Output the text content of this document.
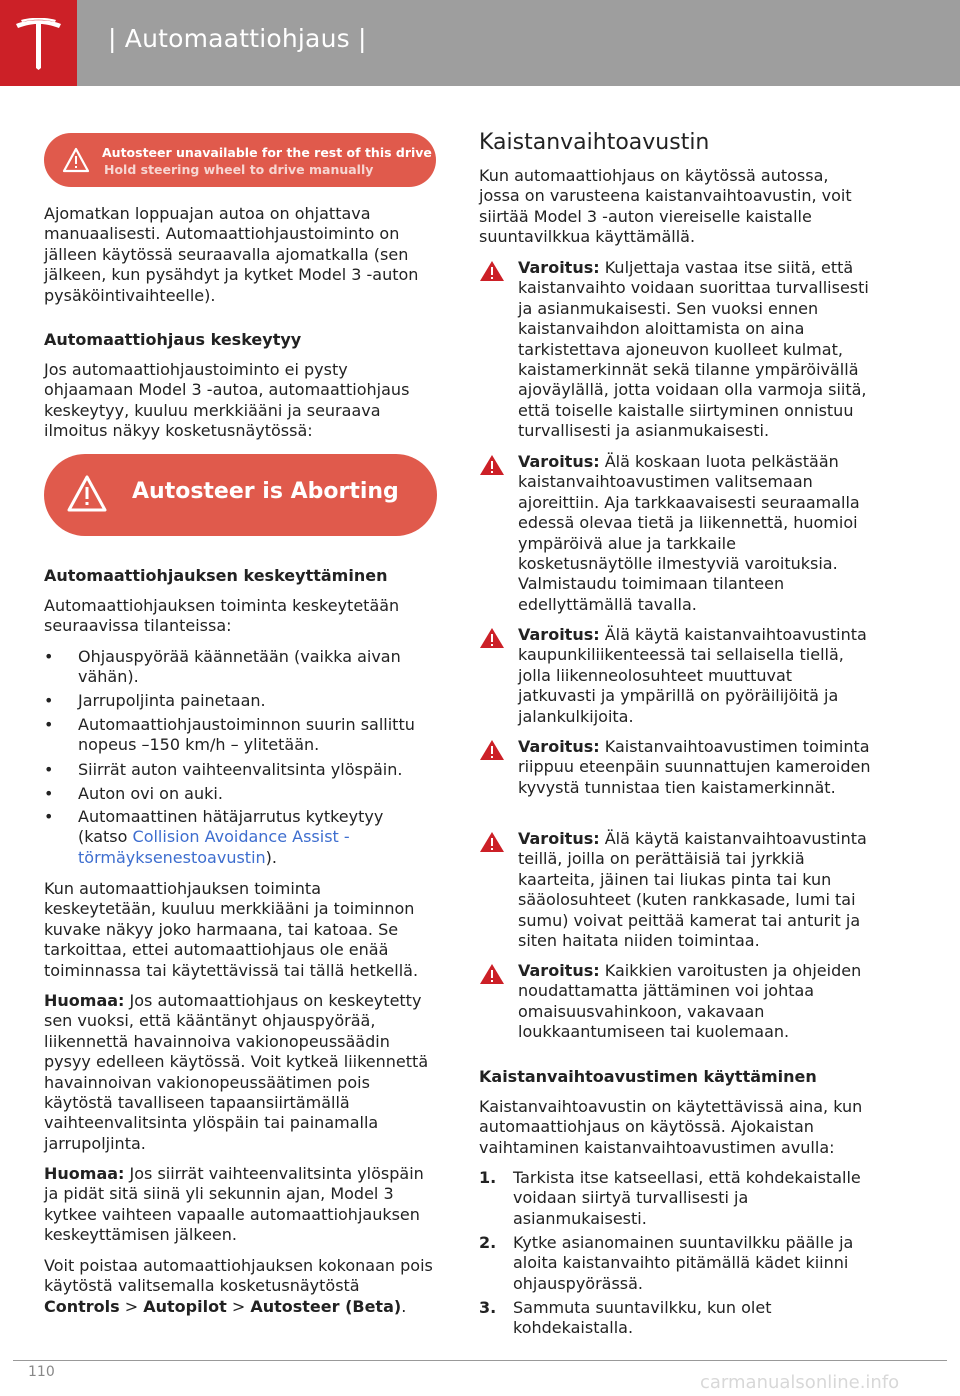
| Automaattiohjaus |
Autosteer unavailable for the rest of this drive
Hold steering wheel to drive manually

Ajomatkan loppuajan autoa on ohjattava manuaalisesti. Automaattiohjaustoiminto on jälleen käytössä seuraavalla ajomatkalla (sen jälkeen, kun pysähdyt ja kytket Model 3 -auton pysäköintivaihteelle).

Automaattiohjaus keskeytyy

Jos automaattiohjaustoiminto ei pysty ohjaamaan Model 3 -autoa, automaattiohjaus keskeytyy, kuuluu merkkiääni ja seuraava ilmoitus näkyy kosketusnäytössä:

Autosteer is Aborting
Automaattiohjauksen keskeyttäminen

Automaattiohjauksen toiminta keskeytetään seuraavissa tilanteissa:

• Ohjauspyörää käännetään (vaikka aivan vähän).
• Jarrupoljinta painetaan.
• Automaattiohjaustoiminnon suurin sallittu nopeus –150 km/h – ylitetään.
• Siirrät auton vaihteenvalitsinta ylöspäin.
• Auton ovi on auki.
• Automaattinen hätäjarrutus kytkeytyy (katso Collision Avoidance Assist - törmäyksenestoavustin).

Kun automaattiohjauksen toiminta keskeytetään, kuuluu merkkiääni ja toiminnon kuvake näkyy joko harmaana, tai katoaa. Se tarkoittaa, ettei automaattiohjaus ole enää toiminnassa tai käytettävissä tai tällä hetkellä.

Huomaa: Jos automaattiohjaus on keskeytetty sen vuoksi, että kääntänyt ohjauspyörää, liikennettä havainnoiva vakionopeussäädin pysyy edelleen käytössä. Voit kytkeä liikennettä havainnoivan vakionopeussäätimen pois käytöstä tavalliseen tapaansiirtämällä vaihteenvalitsinta ylöspäin tai painamalla jarrupoljinta.

Huomaa: Jos siirrät vaihteenvalitsinta ylöspäin ja pidät sitä siinä yli sekunnin ajan, Model 3 kytkee vaihteen vapaalle automaattiohjauksen keskeyttämisen jälkeen.

Voit poistaa automaattiohjauksen kokonaan pois käytöstä valitsemalla kosketusnäytöstä Controls > Autopilot > Autosteer (Beta).

Kaistanvaihtoavustin

Kun automaattiohjaus on käytössä autossa, jossa on varusteena kaistanvaihtoavustin, voit siirtää Model 3 -auton viereiselle kaistalle suuntavilkkua käyttämällä.

Varoitus: Kuljettaja vastaa itse siitä, että kaistanvaihto voidaan suorittaa turvallisesti ja asianmukaisesti. Sen vuoksi ennen kaistanvaihdon aloittamista on aina tarkistettava ajoneuvon kuolleet kulmat, kaistamerkinnät sekä tilanne ympäröivällä ajoväylällä, jotta voidaan olla varmoja siitä, että toiselle kaistalle siirtyminen onnistuu turvallisesti ja asianmukaisesti.
Varoitus: Älä koskaan luota pelkästään kaistanvaihtoavustimen valitsemaan ajoreittiin. Aja tarkkaavaisesti seuraamalla edessä olevaa tietä ja liikennettä, huomioi ympäröivä alue ja tarkkaile kosketusnäytölle ilmestyviä varoituksia. Valmistaudu toimimaan tilanteen edellyttämällä tavalla.
Varoitus: Älä käytä kaistanvaihtoavustinta kaupunkiliikenteessä tai sellaisella tiellä, jolla liikenneolosuhteet muuttuvat jatkuvasti ja ympärillä on pyöräilijöitä ja jalankulkijoita.
Varoitus: Kaistanvaihtoavustimen toiminta riippuu eteenpäin suunnattujen kameroiden kyvystä tunnistaa tien kaistamerkinnät.
Varoitus: Älä käytä kaistanvaihtoavustinta teillä, joilla on perättäisiä tai jyrkkiä kaarteita, jäinen tai liukas pinta tai kun sääolosuhteet (kuten rankkasade, lumi tai sumu) voivat peittää kamerat tai anturit ja siten haitata niiden toimintaa.
Varoitus: Kaikkien varoitusten ja ohjeiden noudattamatta jättäminen voi johtaa omaisuusvahinkoon, vakavaan loukkaantumiseen tai kuolemaan.
Kaistanvaihtoavustimen käyttäminen

Kaistanvaihtoavustin on käytettävissä aina, kun automaattiohjaus on käytössä. Ajokaistan vaihtaminen kaistanvaihtoavustimen avulla:

1. Tarkista itse katseellasi, että kohdekaistalle voidaan siirtyä turvallisesti ja asianmukaisesti.
2. Kytke asianomainen suuntavilkku päälle ja aloita kaistanvaihto pitämällä kädet kiinni ohjauspyörässä.
3. Sammuta suuntavilkku, kun olet kohdekaistalla.
110	carmanualsonline.info
